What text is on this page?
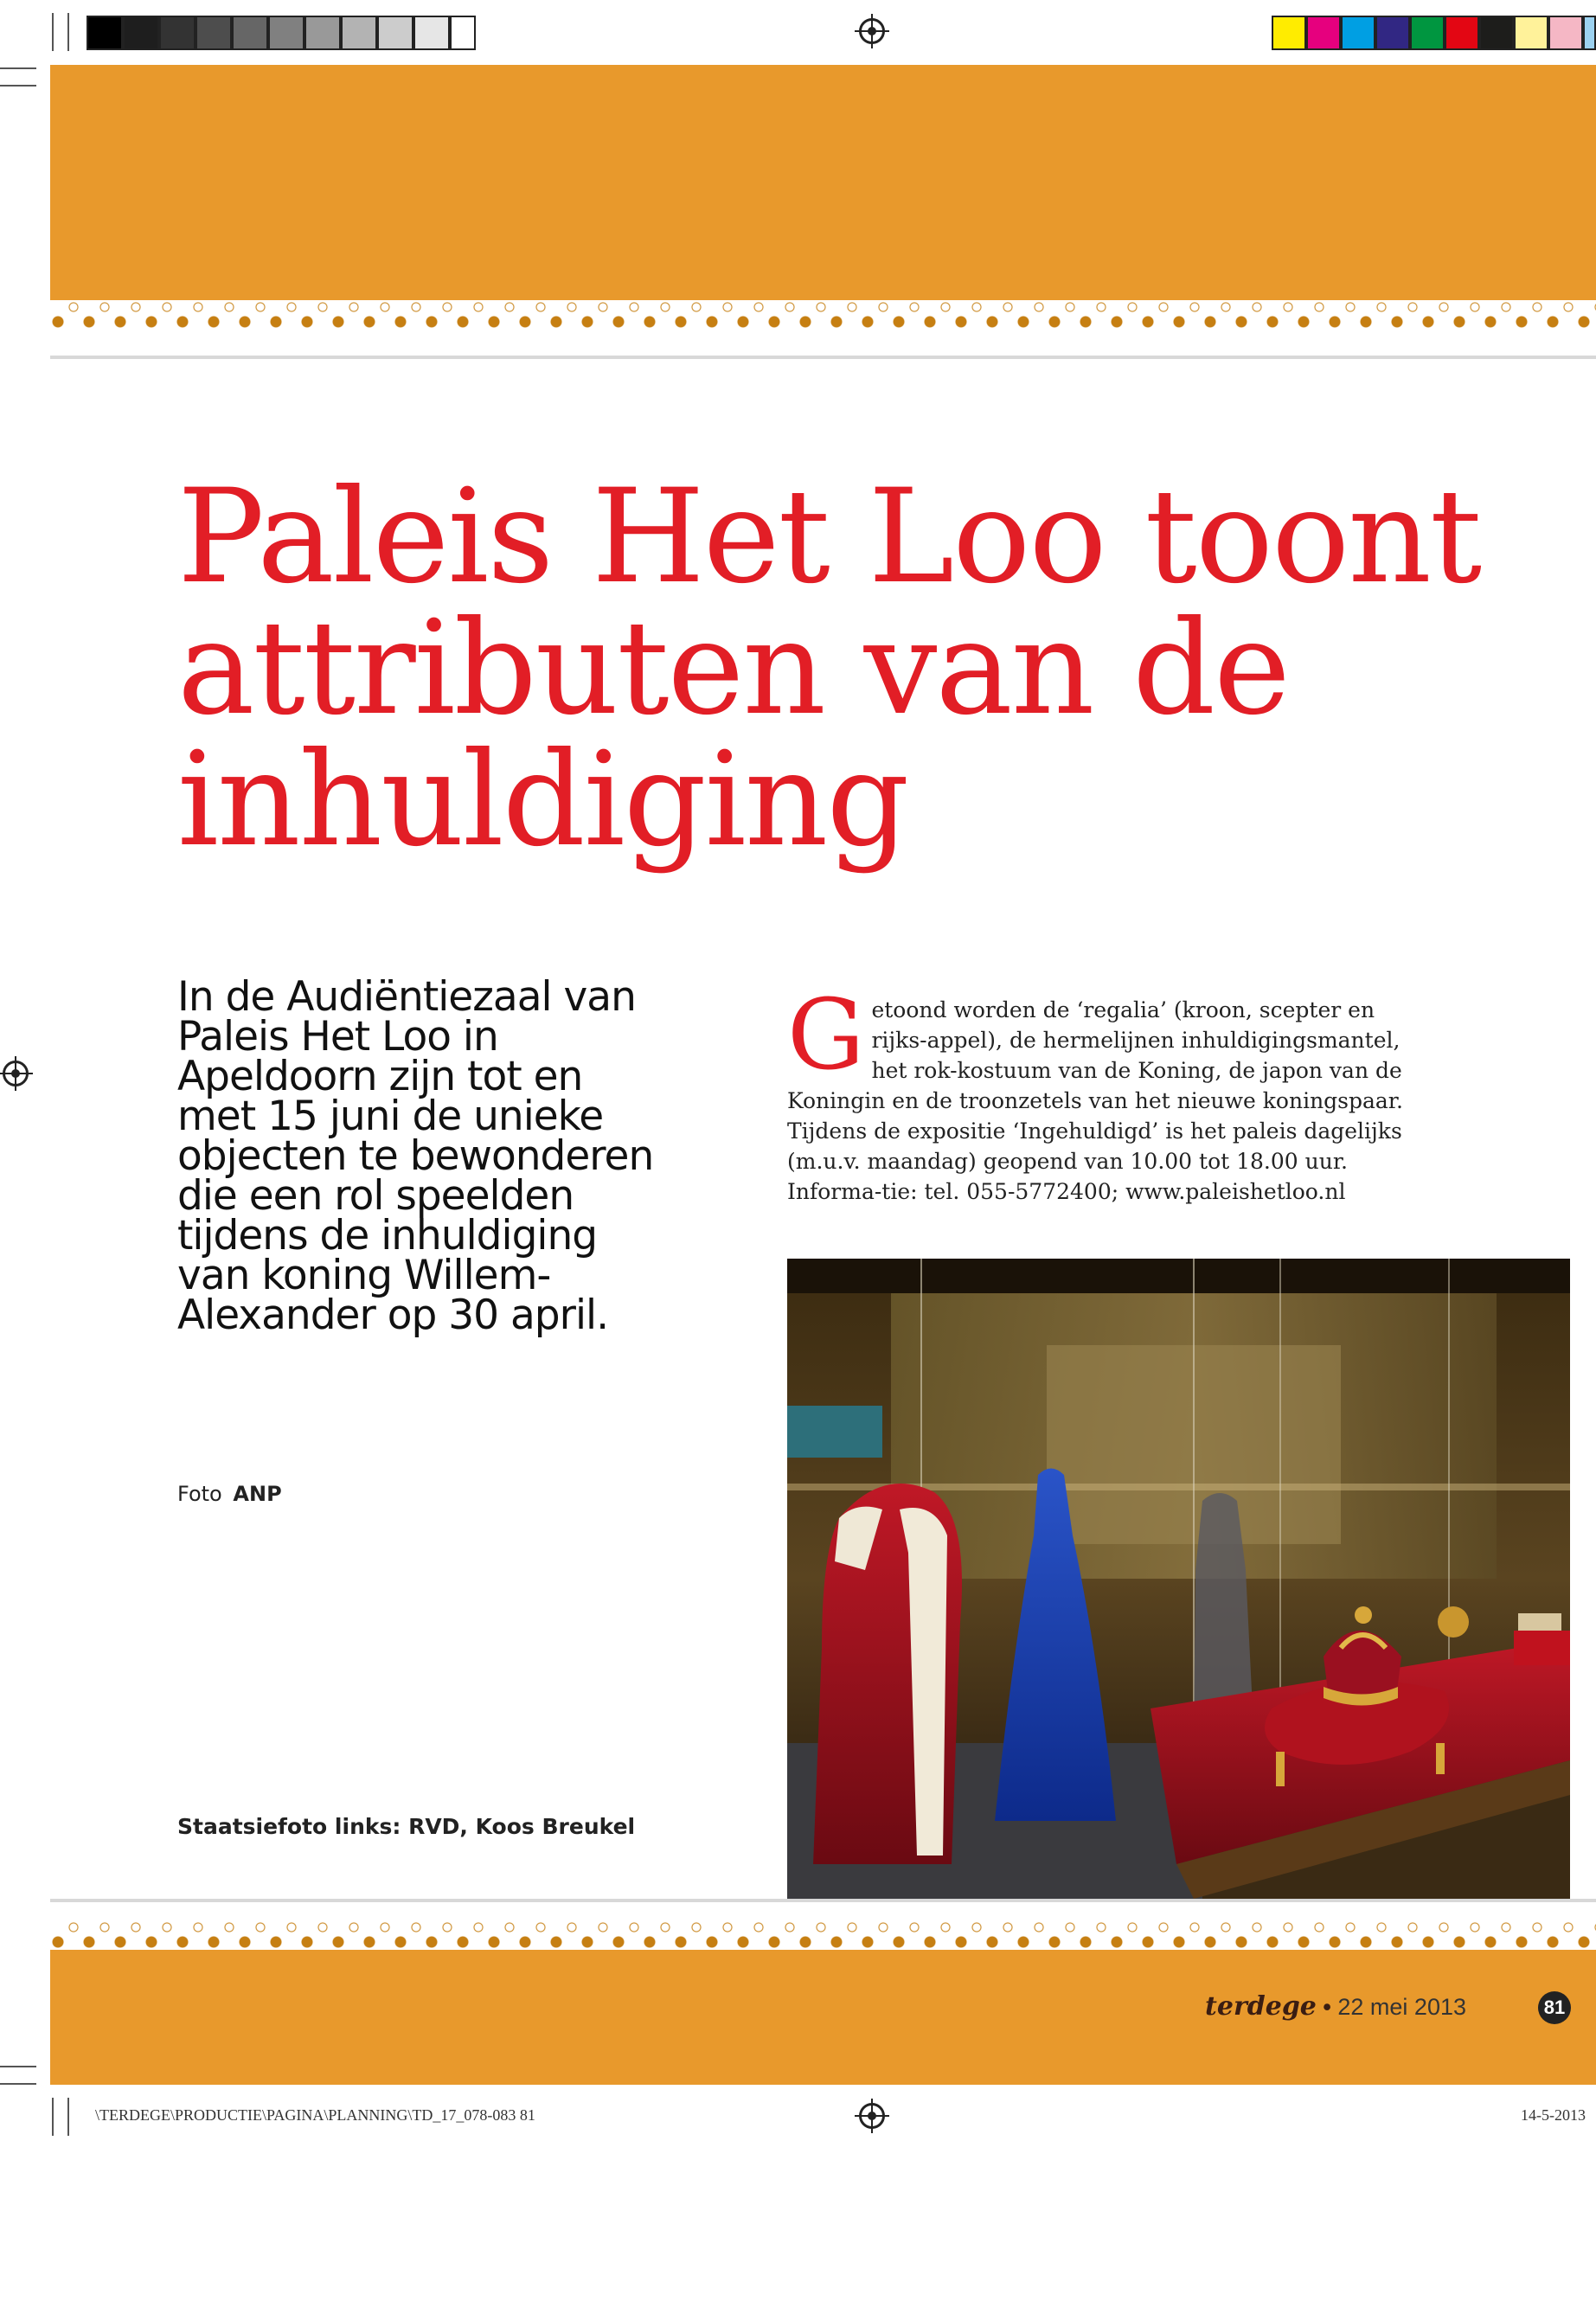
Paleis Het Loo toont attributen van de inhuldiging

In de Audiëntiezaal van Paleis Het Loo in Apeldoorn zijn tot en met 15 juni de unieke objecten te bewonderen die een rol speelden tijdens de inhuldiging van koning Willem-Alexander op 30 april.

Foto ANP
Staatsiefoto links: RVD, Koos Breukel
G etoond worden de ‘regalia’ (kroon, scepter en rijks-appel), de hermelijnen inhuldigingsmantel, het rok-kostuum van de Koning, de japon van de Koningin en de troonzetels van het nieuwe koningspaar.
Tijdens de expositie ‘Ingehuldigd’ is het paleis dagelijks (m.u.v. maandag) geopend van 10.00 tot 18.00 uur. Informa-tie: tel. 055-5772400; www.paleishetloo.nl
terdege • 22 mei 2013	81
\TERDEGE\PRODUCTIE\PAGINA\PLANNING\TD_17_078-083 81	14-5-2013
